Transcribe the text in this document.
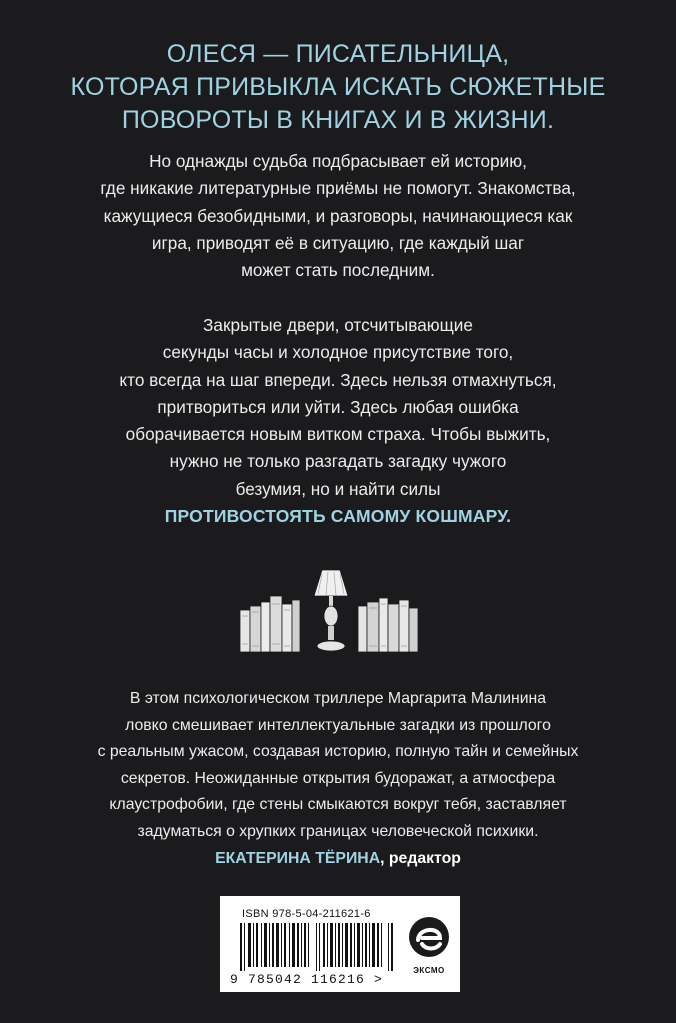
ОЛЕСЯ — ПИСАТЕЛЬНИЦА,
КОТОРАЯ ПРИВЫКЛА ИСКАТЬ СЮЖЕТНЫЕ
ПОВОРОТЫ В КНИГАХ И В ЖИЗНИ.
Но однажды судьба подбрасывает ей историю,
где никакие литературные приёмы не помогут. Знакомства,
кажущиеся безобидными, и разговоры, начинающиеся как
игра, приводят её в ситуацию, где каждый шаг
может стать последним.
Закрытые двери, отсчитывающие
секунды часы и холодное присутствие того,
кто всегда на шаг впереди. Здесь нельзя отмахнуться,
притвориться или уйти. Здесь любая ошибка
оборачивается новым витком страха. Чтобы выжить,
нужно не только разгадать загадку чужого
безумия, но и найти силы
ПРОТИВОСТОЯТЬ САМОМУ КОШМАРУ.
В этом психологическом триллере Маргарита Малинина
ловко смешивает интеллектуальные загадки из прошлого
с реальным ужасом, создавая историю, полную тайн и семейных
секретов. Неожиданные открытия будоражат, а атмосфера
клаустрофобии, где стены смыкаются вокруг тебя, заставляет
задуматься о хрупких границах человеческой психики.
ЕКАТЕРИНА ТЁРИНА, редактор
ISBN 978-5-04-211621-6
9 785042 116216 >
ЭКСМО
